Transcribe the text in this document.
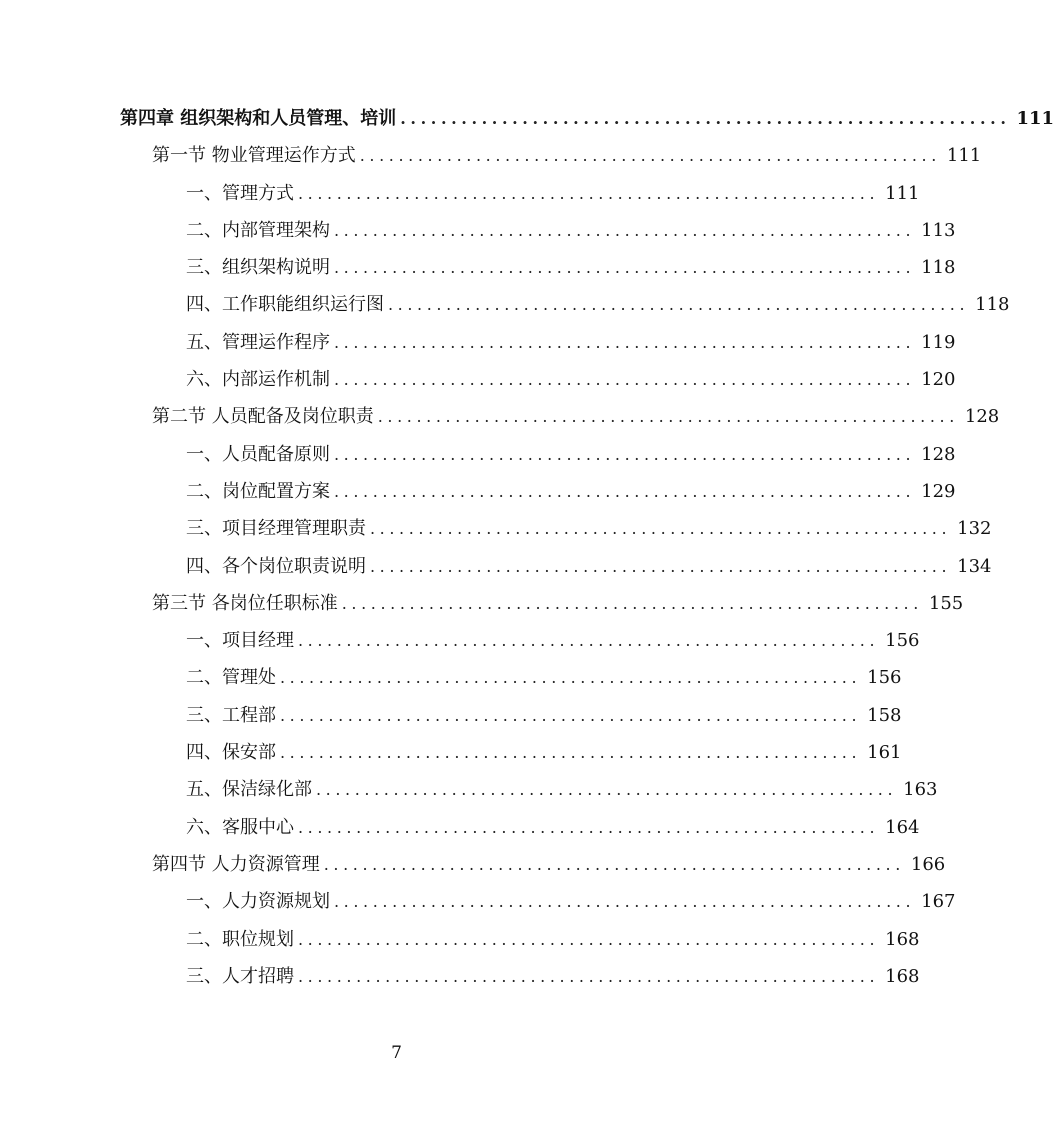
第四章 组织架构和人员管理、培训 ............................................................ 111
第一节 物业管理运作方式 ............................................................ 111
一、管理方式 ............................................................ 111
二、内部管理架构 ............................................................ 113
三、组织架构说明 ............................................................ 118
四、工作职能组织运行图 ............................................................ 118
五、管理运作程序 ............................................................ 119
六、内部运作机制 ............................................................ 120
第二节 人员配备及岗位职责 ............................................................ 128
一、人员配备原则 ............................................................ 128
二、岗位配置方案 ............................................................ 129
三、项目经理管理职责 ............................................................ 132
四、各个岗位职责说明 ............................................................ 134
第三节 各岗位任职标准 ............................................................ 155
一、项目经理 ............................................................ 156
二、管理处 ............................................................ 156
三、工程部 ............................................................ 158
四、保安部 ............................................................ 161
五、保洁绿化部 ............................................................ 163
六、客服中心 ............................................................ 164
第四节 人力资源管理 ............................................................ 166
一、人力资源规划 ............................................................ 167
二、职位规划 ............................................................ 168
三、人才招聘 ............................................................ 168
7
